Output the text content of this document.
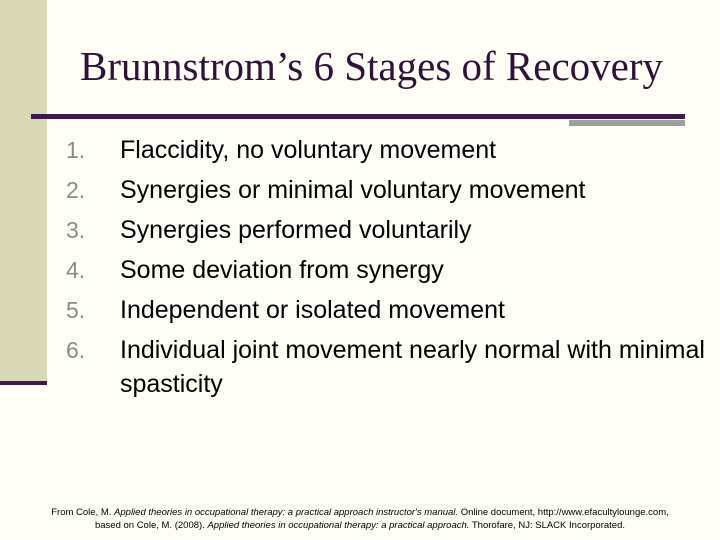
Brunnstrom’s 6 Stages of Recovery
1.	Flaccidity, no voluntary movement
2.	Synergies or minimal voluntary movement
3.	Synergies performed voluntarily
4.	Some deviation from synergy
5.	Independent or isolated movement
6.	Individual joint movement nearly normal with minimal spasticity
From Cole, M. Applied theories in occupational therapy: a practical approach instructor's manual. Online document, http://www.efacultylounge.com,
based on Cole, M. (2008). Applied theories in occupational therapy: a practical approach. Thorofare, NJ: SLACK Incorporated.
